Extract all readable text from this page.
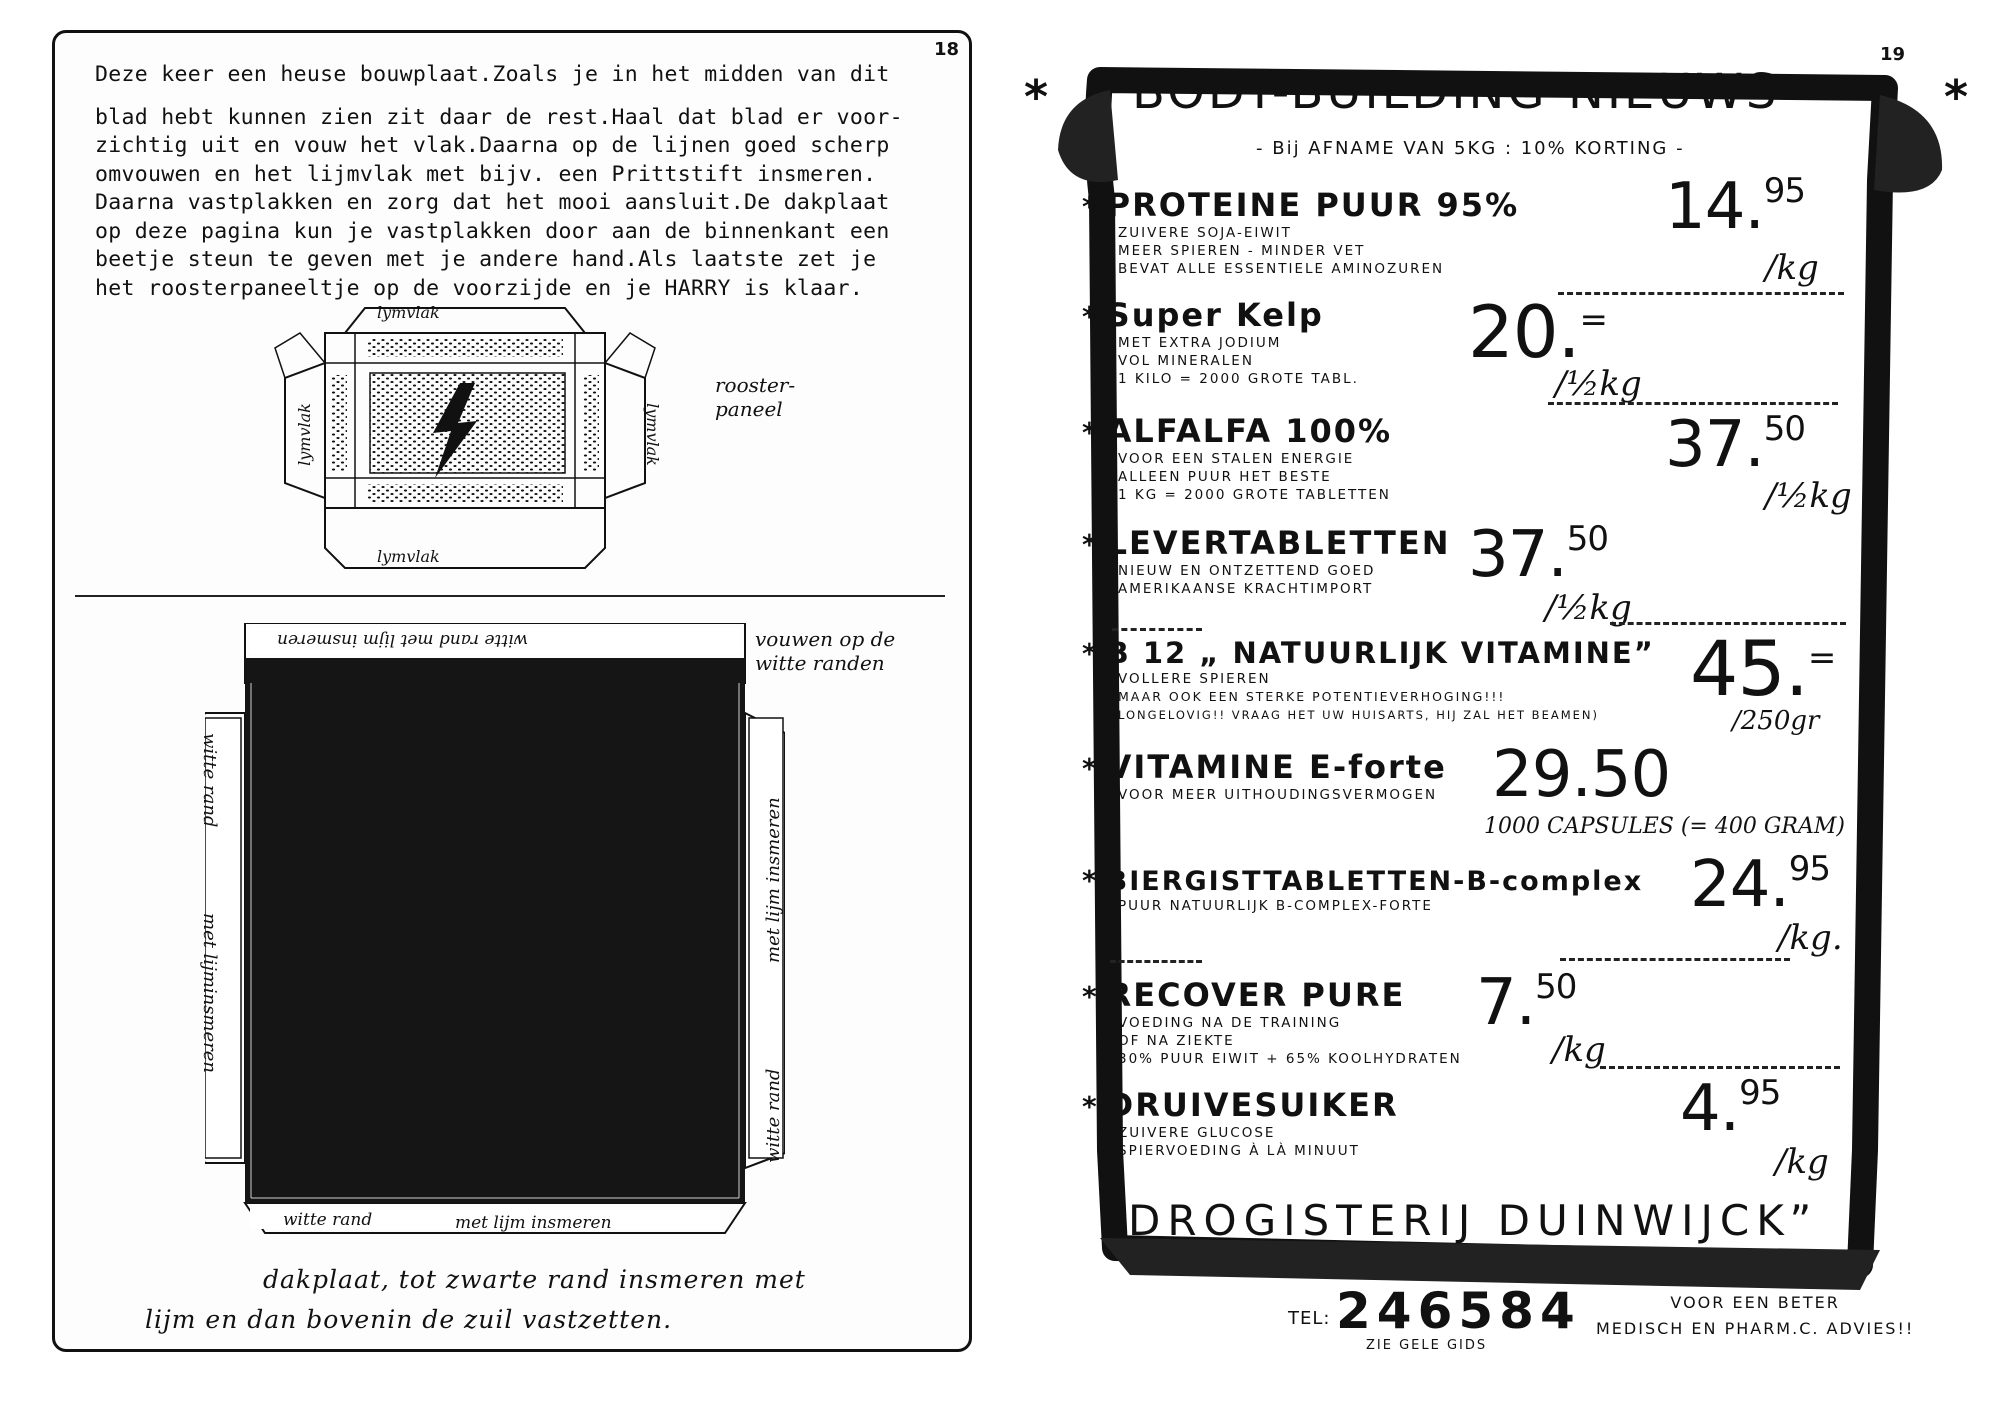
18

Deze keer een heuse bouwplaat.Zoals je in het midden van dit

blad hebt kunnen zien zit daar de rest.Haal dat blad er voor-

zichtig uit en vouw het vlak.Daarna op de lijnen goed scherp

omvouwen en het lijmvlak met bijv. een Prittstift insmeren.

Daarna vastplakken en zorg dat het mooi aansluit.De dakplaat

op deze pagina kun je vastplakken door aan de binnenkant een

beetje steun te geven met je andere hand.Als laatste zet je

het roosterpaneeltje op de voorzijde en je HARRY is klaar.

lymvlak
lymvlak
lymvlak	lymvlak
rooster-
paneel
witte rand met lijm insmeren
witte rand
met lijminsmeren
met lijm insmeren
witte rand
witte rand	met lijm insmeren
vouwen op de
witte randen
dakplaat, tot zwarte rand insmeren met
lijm en dan bovenin de zuil vastzetten.
19
*	*
BODY-BUILDING-NIEUWS
- Bij AFNAME VAN 5KG : 10% KORTING -
* PROTEINE PUUR 95%
ZUIVERE SOJA-EIWIT
MEER SPIEREN - MINDER VET
BEVAT ALLE ESSENTIELE AMINOZUREN
14.95
/kg
* Super Kelp
MET EXTRA JODIUM
VOL MINERALEN
1 KILO = 2000 GROTE TABL.
20.=
/½kg
* ALFALFA 100%
VOOR EEN STALEN ENERGIE
ALLEEN PUUR HET BESTE
1 KG = 2000 GROTE TABLETTEN
37.50
/½kg
* LEVERTABLETTEN
NIEUW EN ONTZETTEND GOED
AMERIKAANSE KRACHTIMPORT	37.50
/½kg
* B 12 „ NATUURLIJK VITAMINE”
VOLLERE SPIEREN
MAAR OOK EEN STERKE POTENTIEVERHOGING!!!
LONGELOVIG!! VRAAG HET UW HUISARTS, HIJ ZAL HET BEAMEN)
45.=
/250gr
* VITAMINE E-forte
VOOR MEER UITHOUDINGSVERMOGEN 29.50
1000 CAPSULES (= 400 GRAM)
* BIERGISTTABLETTEN-B-complex
PUUR NATUURLIJK B-COMPLEX-FORTE	24.95
/kg.
* RECOVER PURE
VOEDING NA DE TRAINING
OF NA ZIEKTE
30% PUUR EIWIT + 65% KOOLHYDRATEN
7.50
/kg
* DRUIVESUIKER
ZUIVERE GLUCOSE
SPIERVOEDING À LÀ MINUUT
4.95
/kg
DROGISTERIJ DUINWIJCK”
TEL: 246584
ZIE GELE GIDS
VOOR EEN BETER
MEDISCH EN PHARM.C. ADVIES!!
